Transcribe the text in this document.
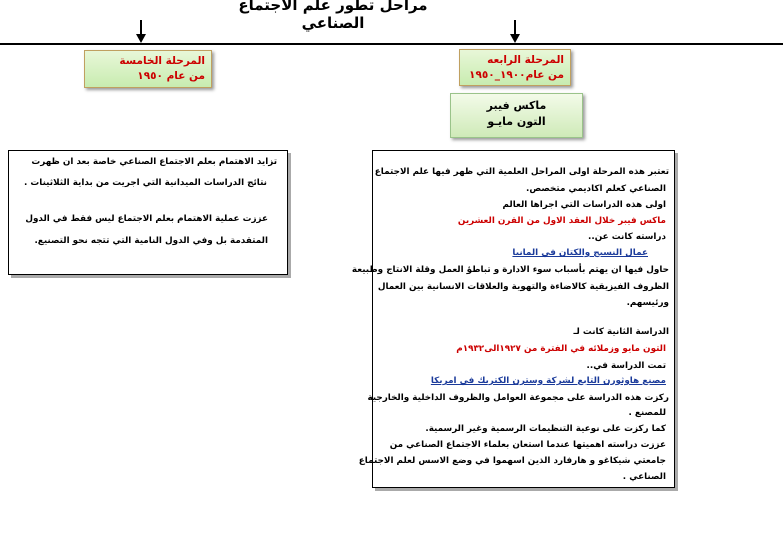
مراحل تطور علم الاجتماع الصناعي
المرحلة الخامسة
من عام ١٩٥٠
المرحلة الرابعه
من عام١٩٠٠_١٩٥٠
ماكس فيبر
التون مايـو
تزايد الاهتمام بعلم الاجتماع الصناعي خاصة بعد ان ظهرت
نتائج الدراسات الميدانية التي اجريت من بداية الثلاثينات .
عززت عملية الاهتمام بعلم الاجتماع ليس فقط في الدول
المتقدمة بل وفي الدول النامية التي تتجه نحو التصنيع.
تعتبر هذه المرحلة اولى المراحل العلمية التي ظهر فيها علم الاجتماع
الصناعي كعلم اكاديمي متخصص.
اولى هذه الدراسات التي اجراها العالم
ماكس فيبر خلال العقد الاول من القرن العشرين
دراسته كانت عن..
عمال النسيج والكتان في المانيا
حاول فيها ان يهتم بأسباب سوء الادارة و تباطؤ العمل وقلة الانتاج وطبيعة
الظروف الفيزيقية كالاضاءة والتهوية والعلاقات الانسانية بين العمال
ورئيسهم.
الدراسة الثانية كانت لـ
التون مايو وزملائه في الفترة من ١٩٢٧الى١٩٣٢م
تمت الدراسة في..
مصنع هاوثورن التابع لشركة وسترن الكتريك في امريكا
ركزت هذه الدراسة على مجموعة العوامل والظروف الداخلية والخارجية
للمصنع .
كما ركزت على نوعية التنظيمات الرسمية وغير الرسمية.
عززت دراسته اهميتها عندما استعان بعلماء الاجتماع الصناعي من
جامعتي شيكاغو و هارفارد الذين اسهموا في وضع الاسس لعلم الاجتماع
الصناعي .
